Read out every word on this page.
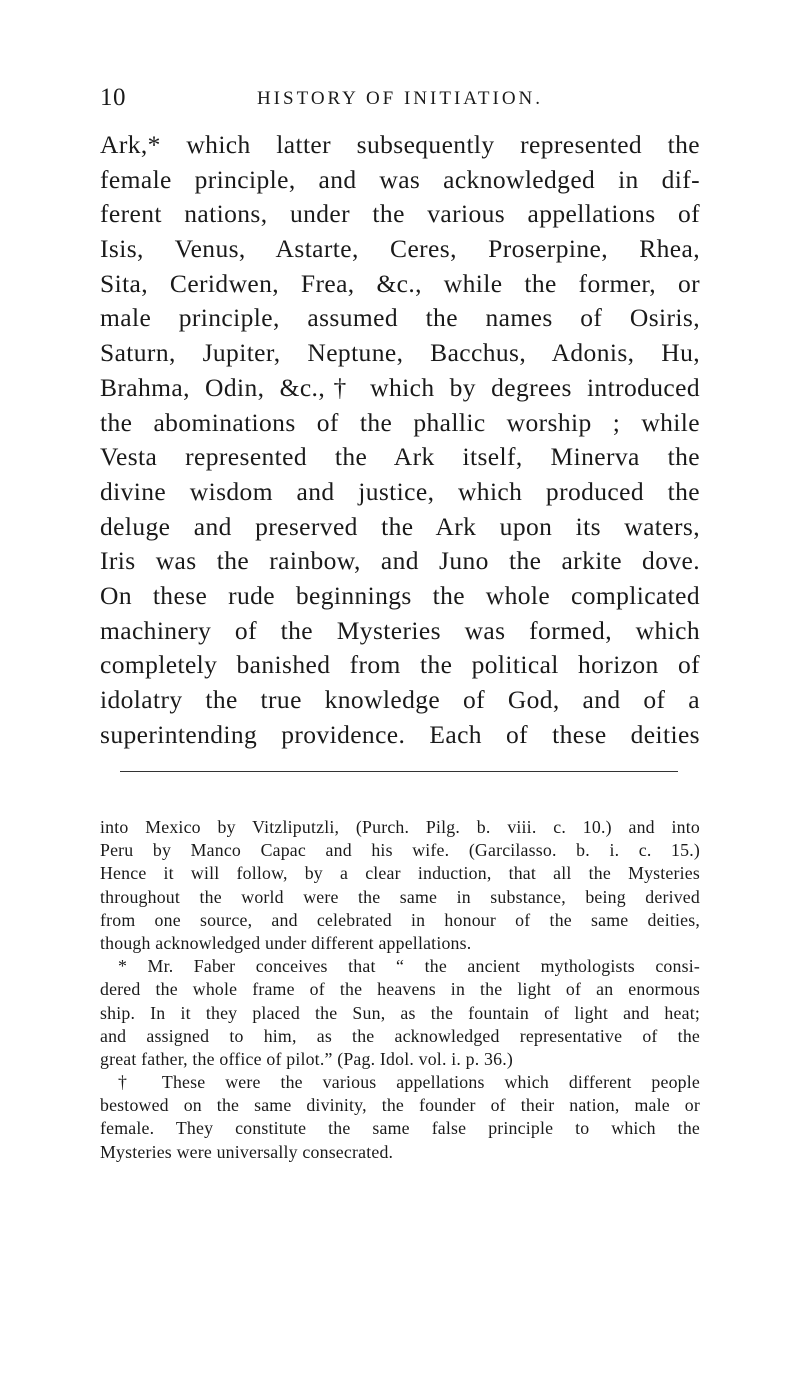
10	HISTORY OF INITIATION.
Ark,* which latter subsequently represented the
female principle, and was acknowledged in dif-
ferent nations, under the various appellations of
Isis, Venus, Astarte, Ceres, Proserpine, Rhea,
Sita, Ceridwen, Frea, &c., while the former, or
male principle, assumed the names of Osiris,
Saturn, Jupiter, Neptune, Bacchus, Adonis, Hu,
Brahma, Odin, &c.,† which by degrees introduced
the abominations of the phallic worship ; while
Vesta represented the Ark itself, Minerva the
divine wisdom and justice, which produced the
deluge and preserved the Ark upon its waters,
Iris was the rainbow, and Juno the arkite dove.
On these rude beginnings the whole complicated
machinery of the Mysteries was formed, which
completely banished from the political horizon of
idolatry the true knowledge of God, and of a
superintending providence. Each of these deities
into Mexico by Vitzliputzli, (Purch. Pilg. b. viii. c. 10.) and into
Peru by Manco Capac and his wife. (Garcilasso. b. i. c. 15.)
Hence it will follow, by a clear induction, that all the Mysteries
throughout the world were the same in substance, being derived
from one source, and celebrated in honour of the same deities,
though acknowledged under different appellations.
* Mr. Faber conceives that “ the ancient mythologists consi-
dered the whole frame of the heavens in the light of an enormous
ship. In it they placed the Sun, as the fountain of light and heat;
and assigned to him, as the acknowledged representative of the
great father, the office of pilot.” (Pag. Idol. vol. i. p. 36.)
† These were the various appellations which different people
bestowed on the same divinity, the founder of their nation, male or
female. They constitute the same false principle to which the
Mysteries were universally consecrated.
